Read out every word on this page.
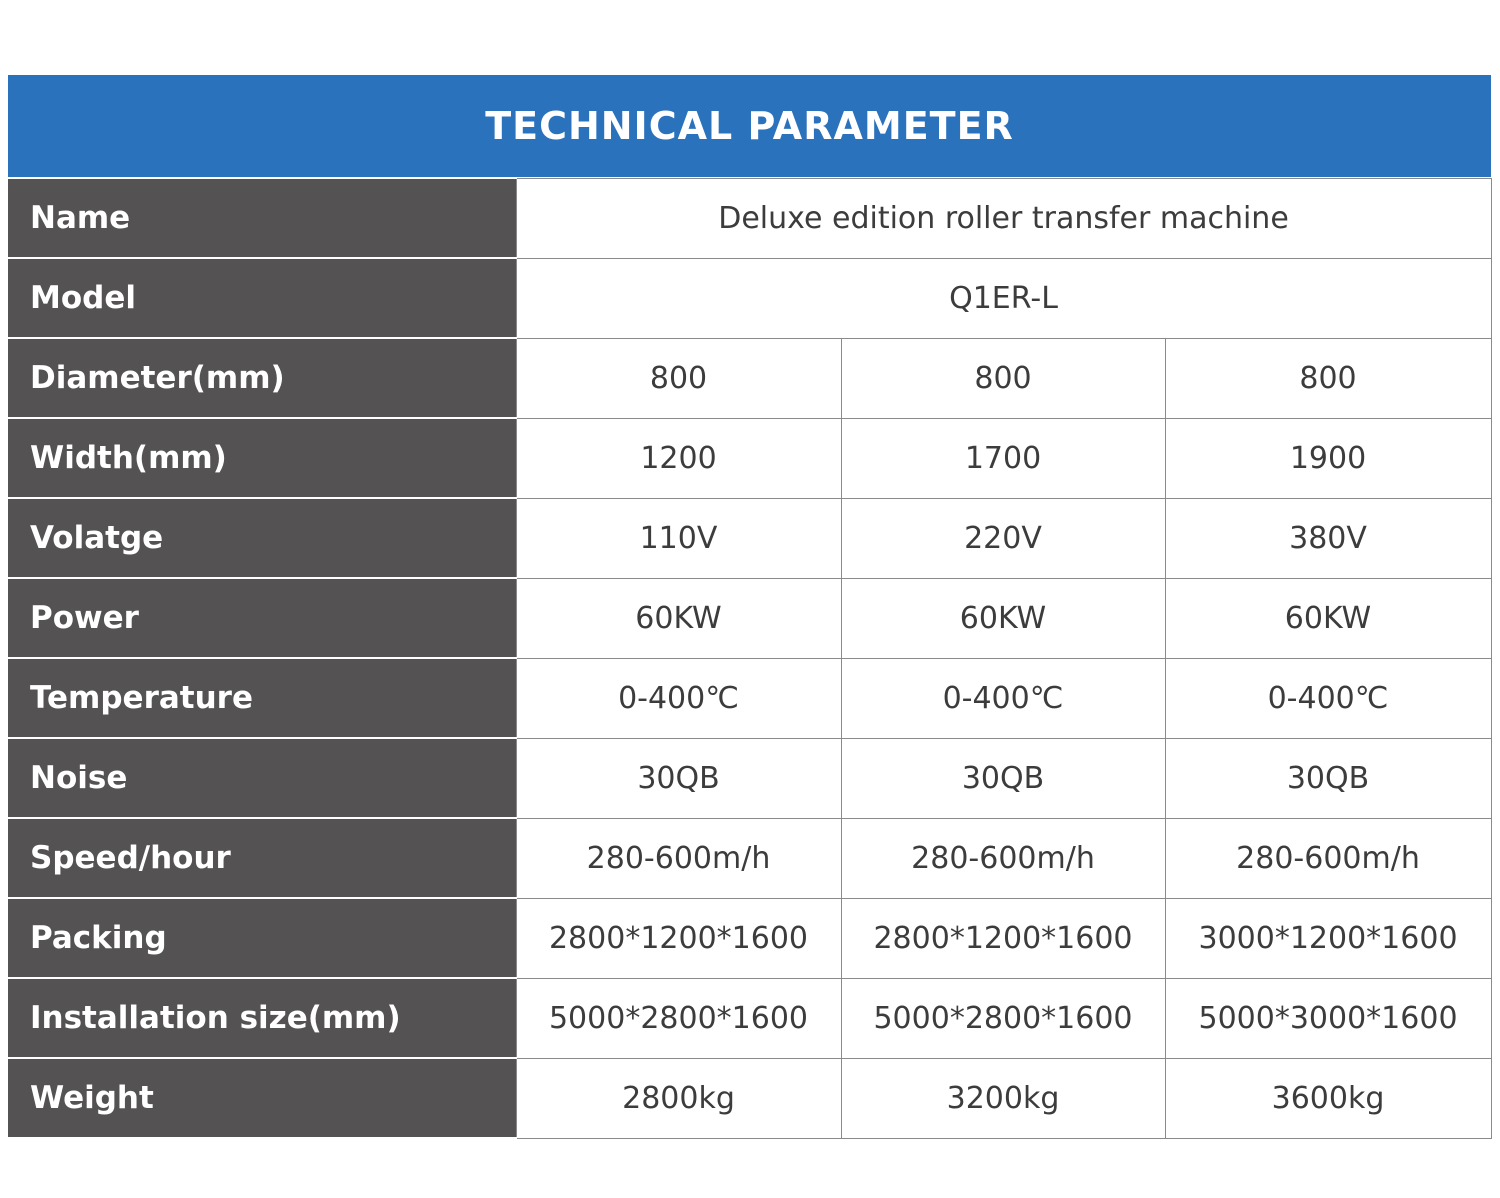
TECHNICAL PARAMETER
Name	Deluxe edition roller transfer machine		
Model	Q1ER-L		
Diameter(mm)	800	800	800
Width(mm)	1200	1700	1900
Volatge	110V	220V	380V
Power	60KW	60KW	60KW
Temperature	0-400℃	0-400℃	0-400℃
Noise	30QB	30QB	30QB
Speed/hour	280-600m/h	280-600m/h	280-600m/h
Packing	2800*1200*1600	2800*1200*1600	3000*1200*1600
Installation size(mm)	5000*2800*1600	5000*2800*1600	5000*3000*1600
Weight	2800kg	3200kg	3600kg
